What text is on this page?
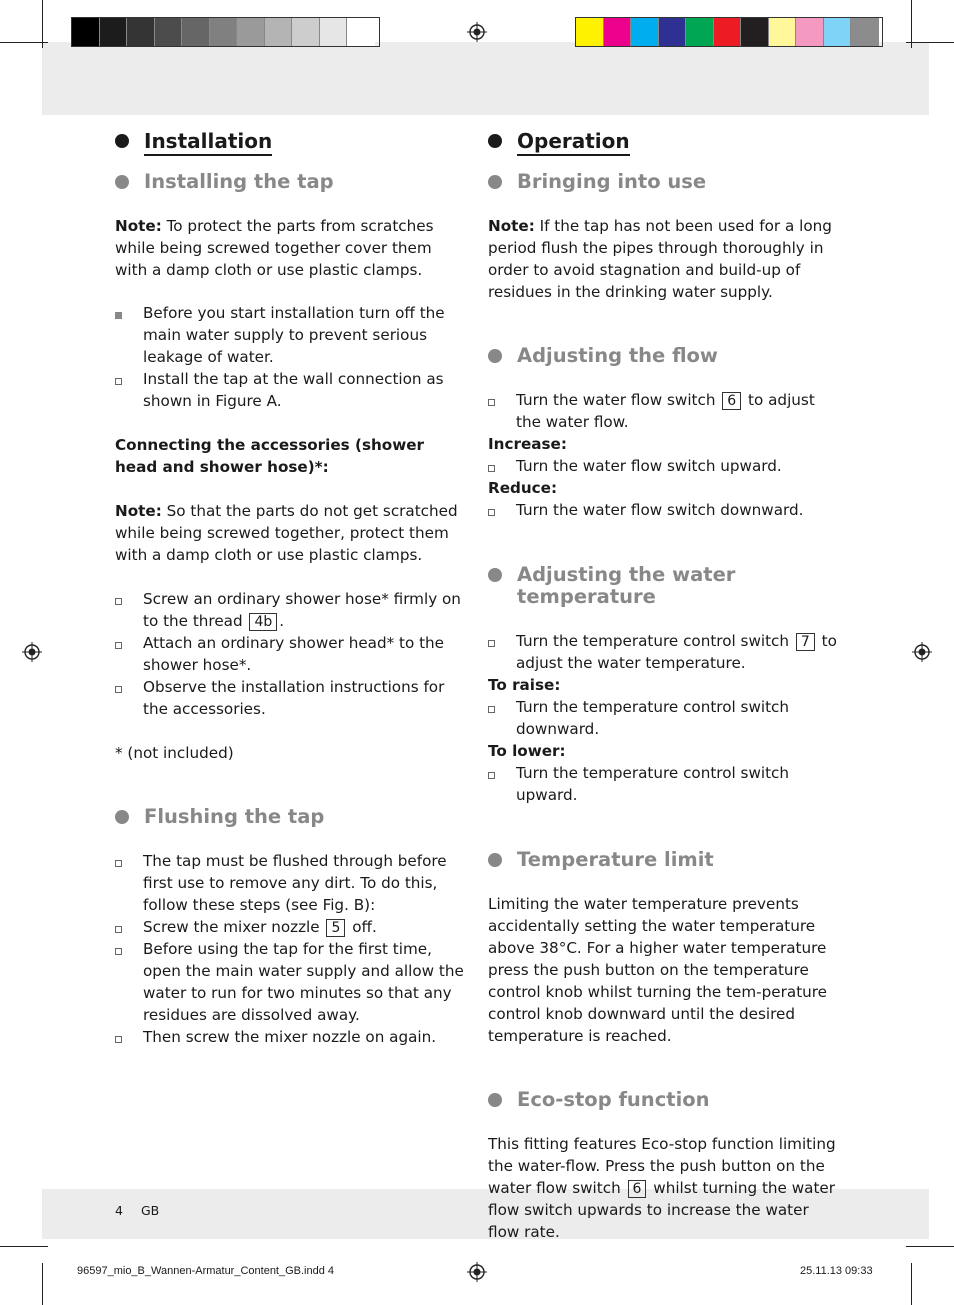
Installation
Installing the tap

Note: To protect the parts from scratches while being screwed together cover them with a damp cloth or use plastic clamps.

Before you start installation turn off the main water supply to prevent serious leakage of water.
Install the tap at the wall connection as shown in Figure A.

Connecting the accessories (shower head and shower hose)*:

Note: So that the parts do not get scratched while being screwed together, protect them with a damp cloth or use plastic clamps.

Screw an ordinary shower hose* firmly on to the thread 4b .
Attach an ordinary shower head* to the shower hose*.
Observe the installation instructions for the accessories.

* (not included)

Flushing the tap
The tap must be flushed through before first use to remove any dirt. To do this, follow these steps (see Fig. B):
Screw the mixer nozzle 5 off.
Before using the tap for the first time, open the main water supply and allow the water to run for two minutes so that any residues are dissolved away.
Then screw the mixer nozzle on again.
Operation
Bringing into use

Note: If the tap has not been used for a long period flush the pipes through thoroughly in order to avoid stagnation and build-up of residues in the drinking water supply.

Adjusting the flow
Turn the water flow switch 6 to adjust the water flow.
Increase:
Turn the water flow switch upward.
Reduce:
Turn the water flow switch downward.
Adjusting the water
temperature
Turn the temperature control switch 7 to adjust the water temperature.
To raise:
Turn the temperature control switch downward.
To lower:
Turn the temperature control switch upward.
Temperature limit

Limiting the water temperature prevents accidentally setting the water temperature above 38°C. For a higher water temperature press the push button on the temperature control knob whilst turning the tem-perature control knob downward until the desired temperature is reached.

Eco-stop function

This fitting features Eco-stop function limiting the water-flow. Press the push button on the water flow switch 6 whilst turning the water flow switch upwards to increase the water flow rate.

4 GB
96597_mio_B_Wannen-Armatur_Content_GB.indd 4	25.11.13 09:33
